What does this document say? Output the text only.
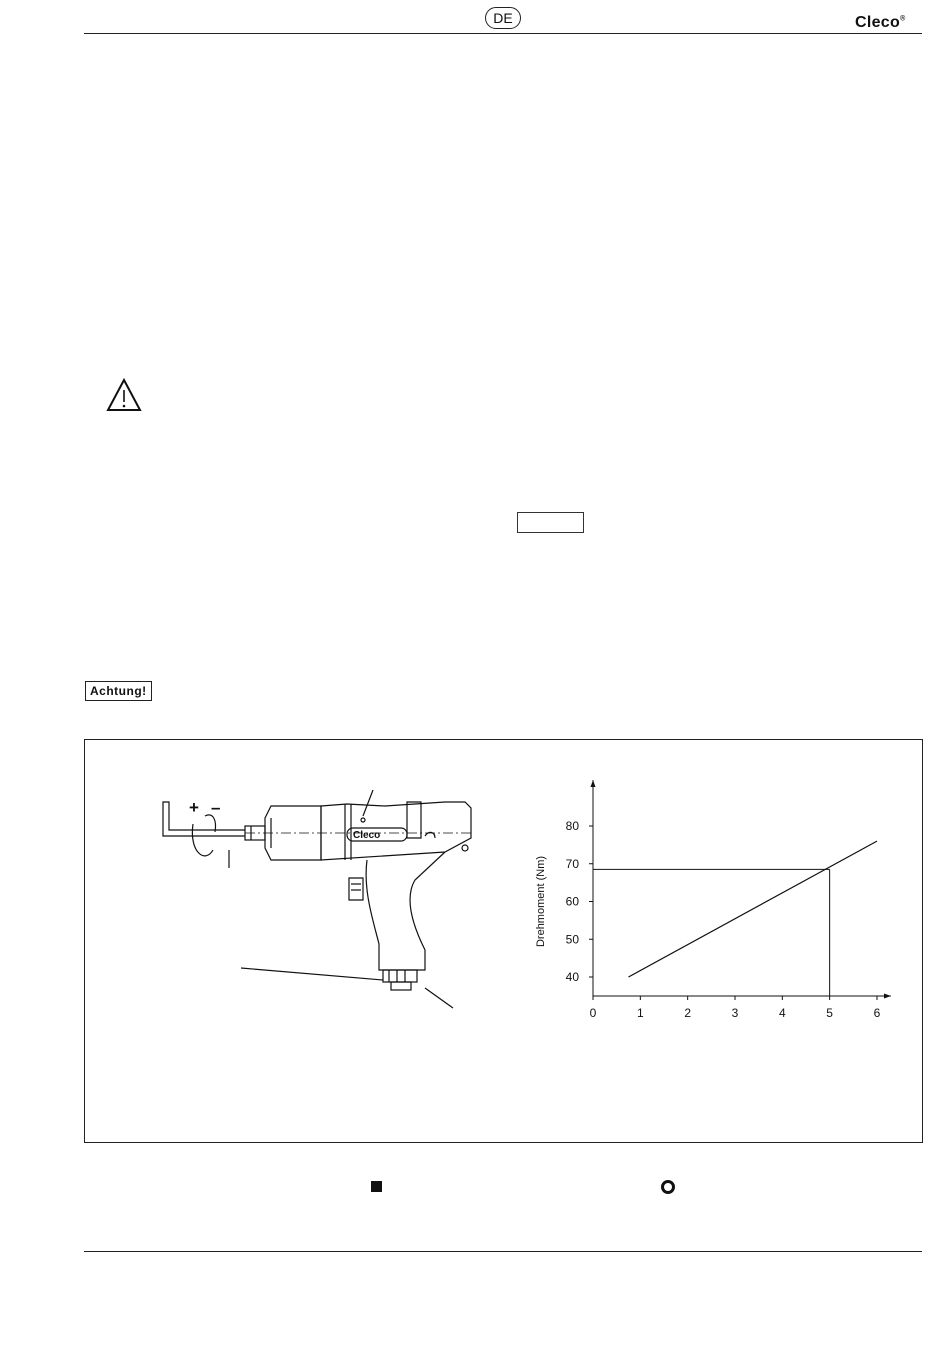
DE	Cleco®
Achtung!
+ –
Cleco
0	1	2	3	4	5	6
40
50
60
70
80
Drehmoment (Nm)
